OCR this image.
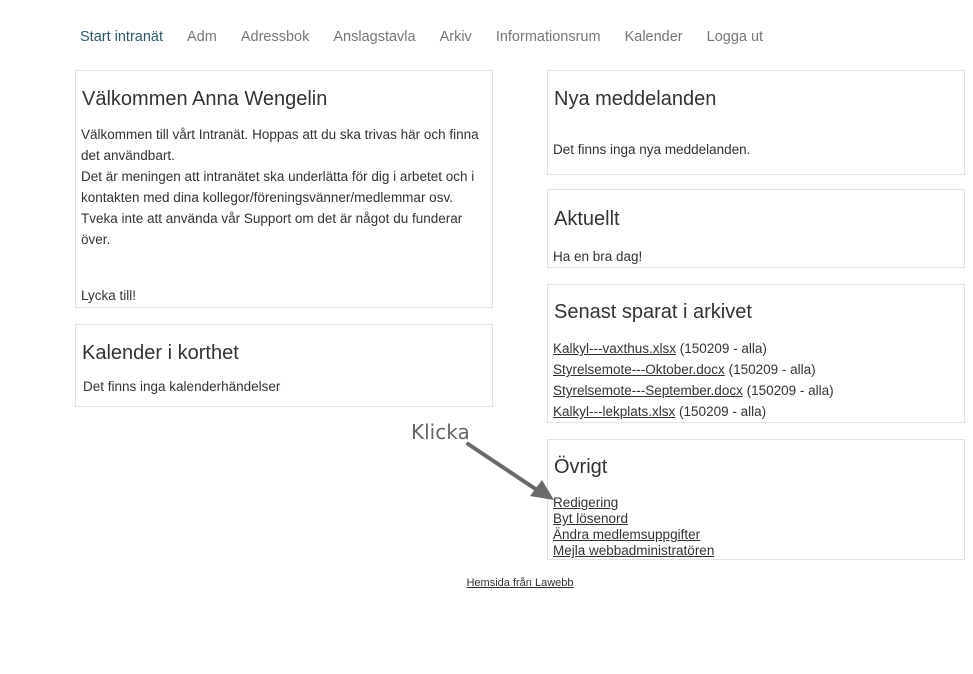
Start intranät Adm Adressbok Anslagstavla Arkiv Informationsrum Kalender Logga ut
Välkommen Anna Wengelin
Välkommen till vårt Intranät. Hoppas att du ska trivas här och finna det användbart.
Det är meningen att intranätet ska underlätta för dig i arbetet och i kontakten med dina kollegor/föreningsvänner/medlemmar osv.
Tveka inte att använda vår Support om det är något du funderar över.
Lycka till!
Kalender i korthet
Det finns inga kalenderhändelser
Nya meddelanden
Det finns inga nya meddelanden.
Aktuellt
Ha en bra dag!
Senast sparat i arkivet
Kalkyl---vaxthus.xlsx (150209 - alla)
Styrelsemote---Oktober.docx (150209 - alla)
Styrelsemote---September.docx (150209 - alla)
Kalkyl---lekplats.xlsx (150209 - alla)
Övrigt
Redigering
Byt lösenord
Ändra medlemsuppgifter
Mejla webbadministratören
Klicka
Hemsida från Lawebb
